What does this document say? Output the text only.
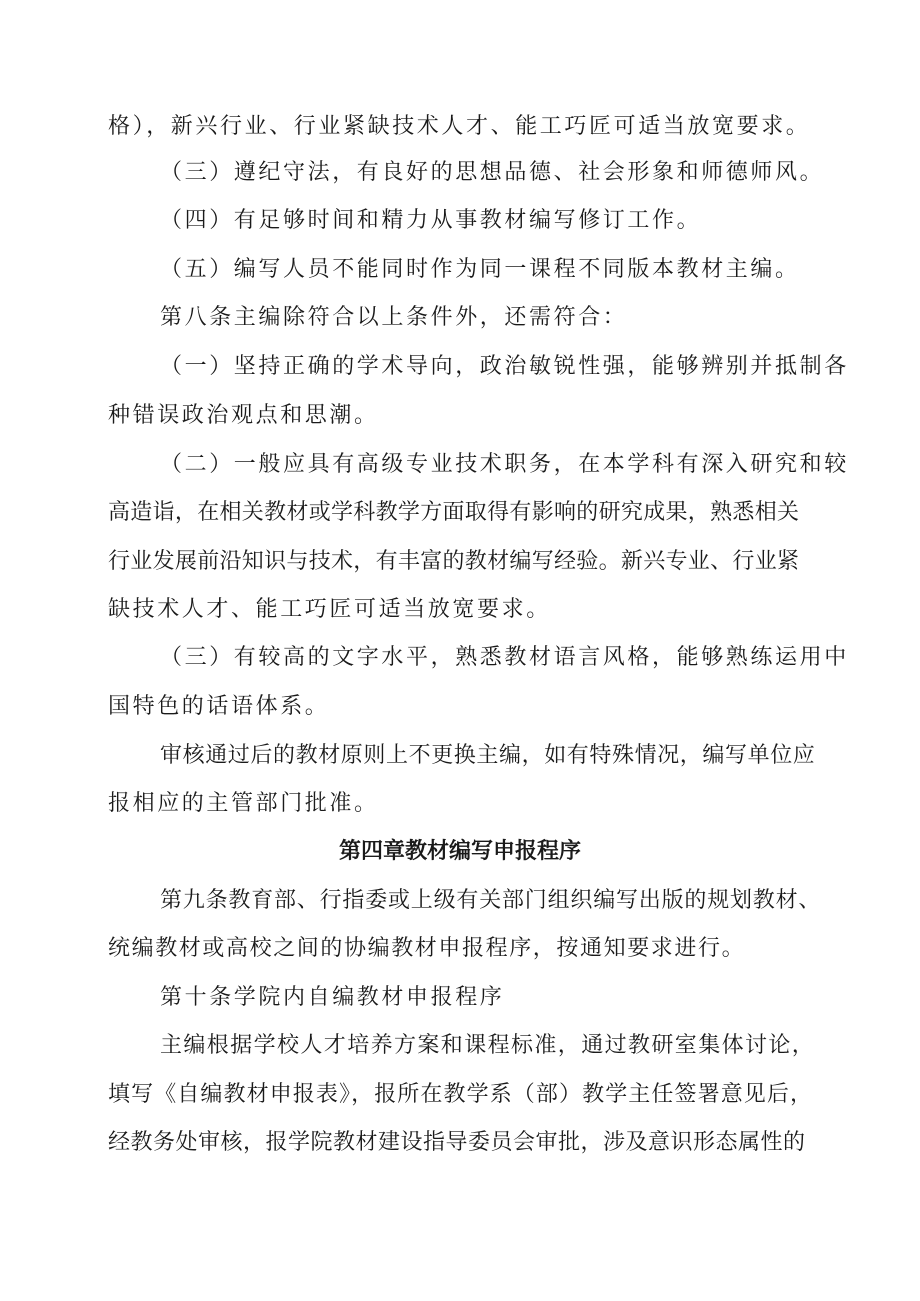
格），新兴行业、行业紧缺技术人才、能工巧匠可适当放宽要求。
（三）遵纪守法，有良好的思想品德、社会形象和师德师风。
（四）有足够时间和精力从事教材编写修订工作。
（五）编写人员不能同时作为同一课程不同版本教材主编。
第八条主编除符合以上条件外，还需符合：
（一）坚持正确的学术导向，政治敏锐性强，能够辨别并抵制各
种错误政治观点和思潮。
（二）一般应具有高级专业技术职务，在本学科有深入研究和较
高造诣，在相关教材或学科教学方面取得有影响的研究成果，熟悉相关
行业发展前沿知识与技术，有丰富的教材编写经验。新兴专业、行业紧
缺技术人才、能工巧匠可适当放宽要求。
（三）有较高的文字水平，熟悉教材语言风格，能够熟练运用中
国特色的话语体系。
审核通过后的教材原则上不更换主编，如有特殊情况，编写单位应
报相应的主管部门批准。
第四章教材编写申报程序
第九条教育部、行指委或上级有关部门组织编写出版的规划教材、
统编教材或高校之间的协编教材申报程序，按通知要求进行。
第十条学院内自编教材申报程序
主编根据学校人才培养方案和课程标准，通过教研室集体讨论，
填写《自编教材申报表》，报所在教学系（部）教学主任签署意见后，
经教务处审核，报学院教材建设指导委员会审批，涉及意识形态属性的
